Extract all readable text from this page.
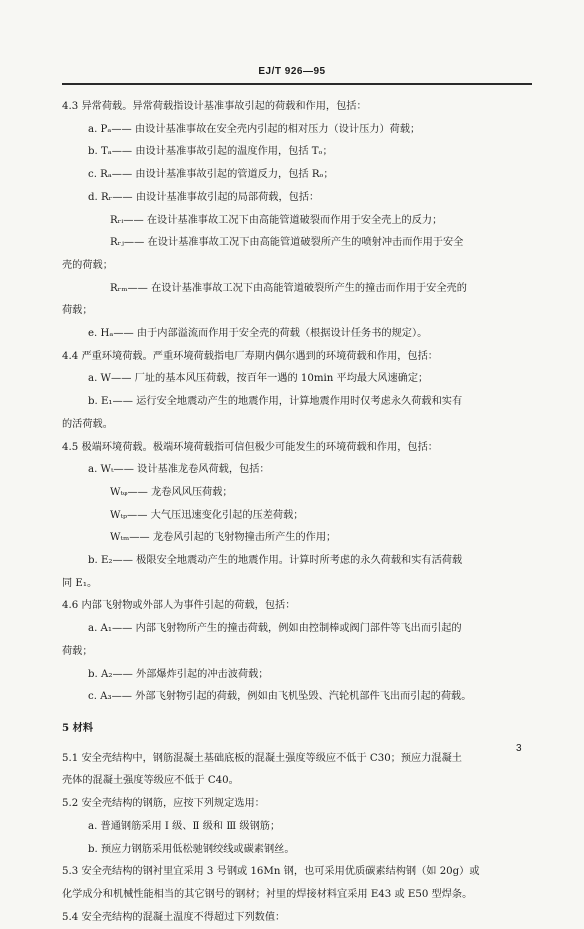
EJ/T 926—95
4.3 异常荷载。异常荷载指设计基准事故引起的荷载和作用，包括：
a. Pₐ—— 由设计基准事故在安全壳内引起的相对压力（设计压力）荷载；
b. Tₐ—— 由设计基准事故引起的温度作用，包括 Tₒ；
c. Rₐ—— 由设计基准事故引起的管道反力，包括 Rₒ；
d. Rᵣ—— 由设计基准事故引起的局部荷载，包括：
Rᵣᵢ—— 在设计基准事故工况下由高能管道破裂而作用于安全壳上的反力；
Rᵣⱼ—— 在设计基准事故工况下由高能管道破裂所产生的喷射冲击而作用于安全
壳的荷载；
Rᵣₘ—— 在设计基准事故工况下由高能管道破裂所产生的撞击而作用于安全壳的
荷载；
e. Hₐ—— 由于内部溢流而作用于安全壳的荷载（根据设计任务书的规定）。
4.4 严重环境荷载。严重环境荷载指电厂寿期内偶尔遇到的环境荷载和作用，包括：
a. W—— 厂址的基本风压荷载，按百年一遇的 10min 平均最大风速确定；
b. E₁—— 运行安全地震动产生的地震作用，计算地震作用时仅考虑永久荷载和实有
的活荷载。
4.5 极端环境荷载。极端环境荷载指可信但极少可能发生的环境荷载和作用，包括：
a. Wₜ—— 设计基准龙卷风荷载，包括：
Wₜᵩ—— 龙卷风风压荷载；
Wₜₚ—— 大气压迅速变化引起的压差荷载；
Wₜₘ—— 龙卷风引起的飞射物撞击所产生的作用；
b. E₂—— 极限安全地震动产生的地震作用。计算时所考虑的永久荷载和实有活荷载
同 E₁。
4.6 内部飞射物或外部人为事件引起的荷载，包括：
a. A₁—— 内部飞射物所产生的撞击荷载，例如由控制棒或阀门部件等飞出而引起的
荷载；
b. A₂—— 外部爆炸引起的冲击波荷载；
c. A₃—— 外部飞射物引起的荷载，例如由飞机坠毁、汽轮机部件飞出而引起的荷载。
5 材料
5.1 安全壳结构中，钢筋混凝土基础底板的混凝土强度等级应不低于 C30；预应力混凝土
壳体的混凝土强度等级应不低于 C40。
5.2 安全壳结构的钢筋，应按下列规定选用：
a. 普通钢筋采用 Ⅰ 级、Ⅱ 级和 Ⅲ 级钢筋；
b. 预应力钢筋采用低松驰钢绞线或碳素钢丝。
5.3 安全壳结构的钢衬里宜采用 3 号钢或 16Mn 钢，也可采用优质碳素结构钢（如 20g）或
化学成分和机械性能相当的其它钢号的钢材；衬里的焊接材料宜采用 E43 或 E50 型焊条。
5.4 安全壳结构的混凝土温度不得超过下列数值：
3
